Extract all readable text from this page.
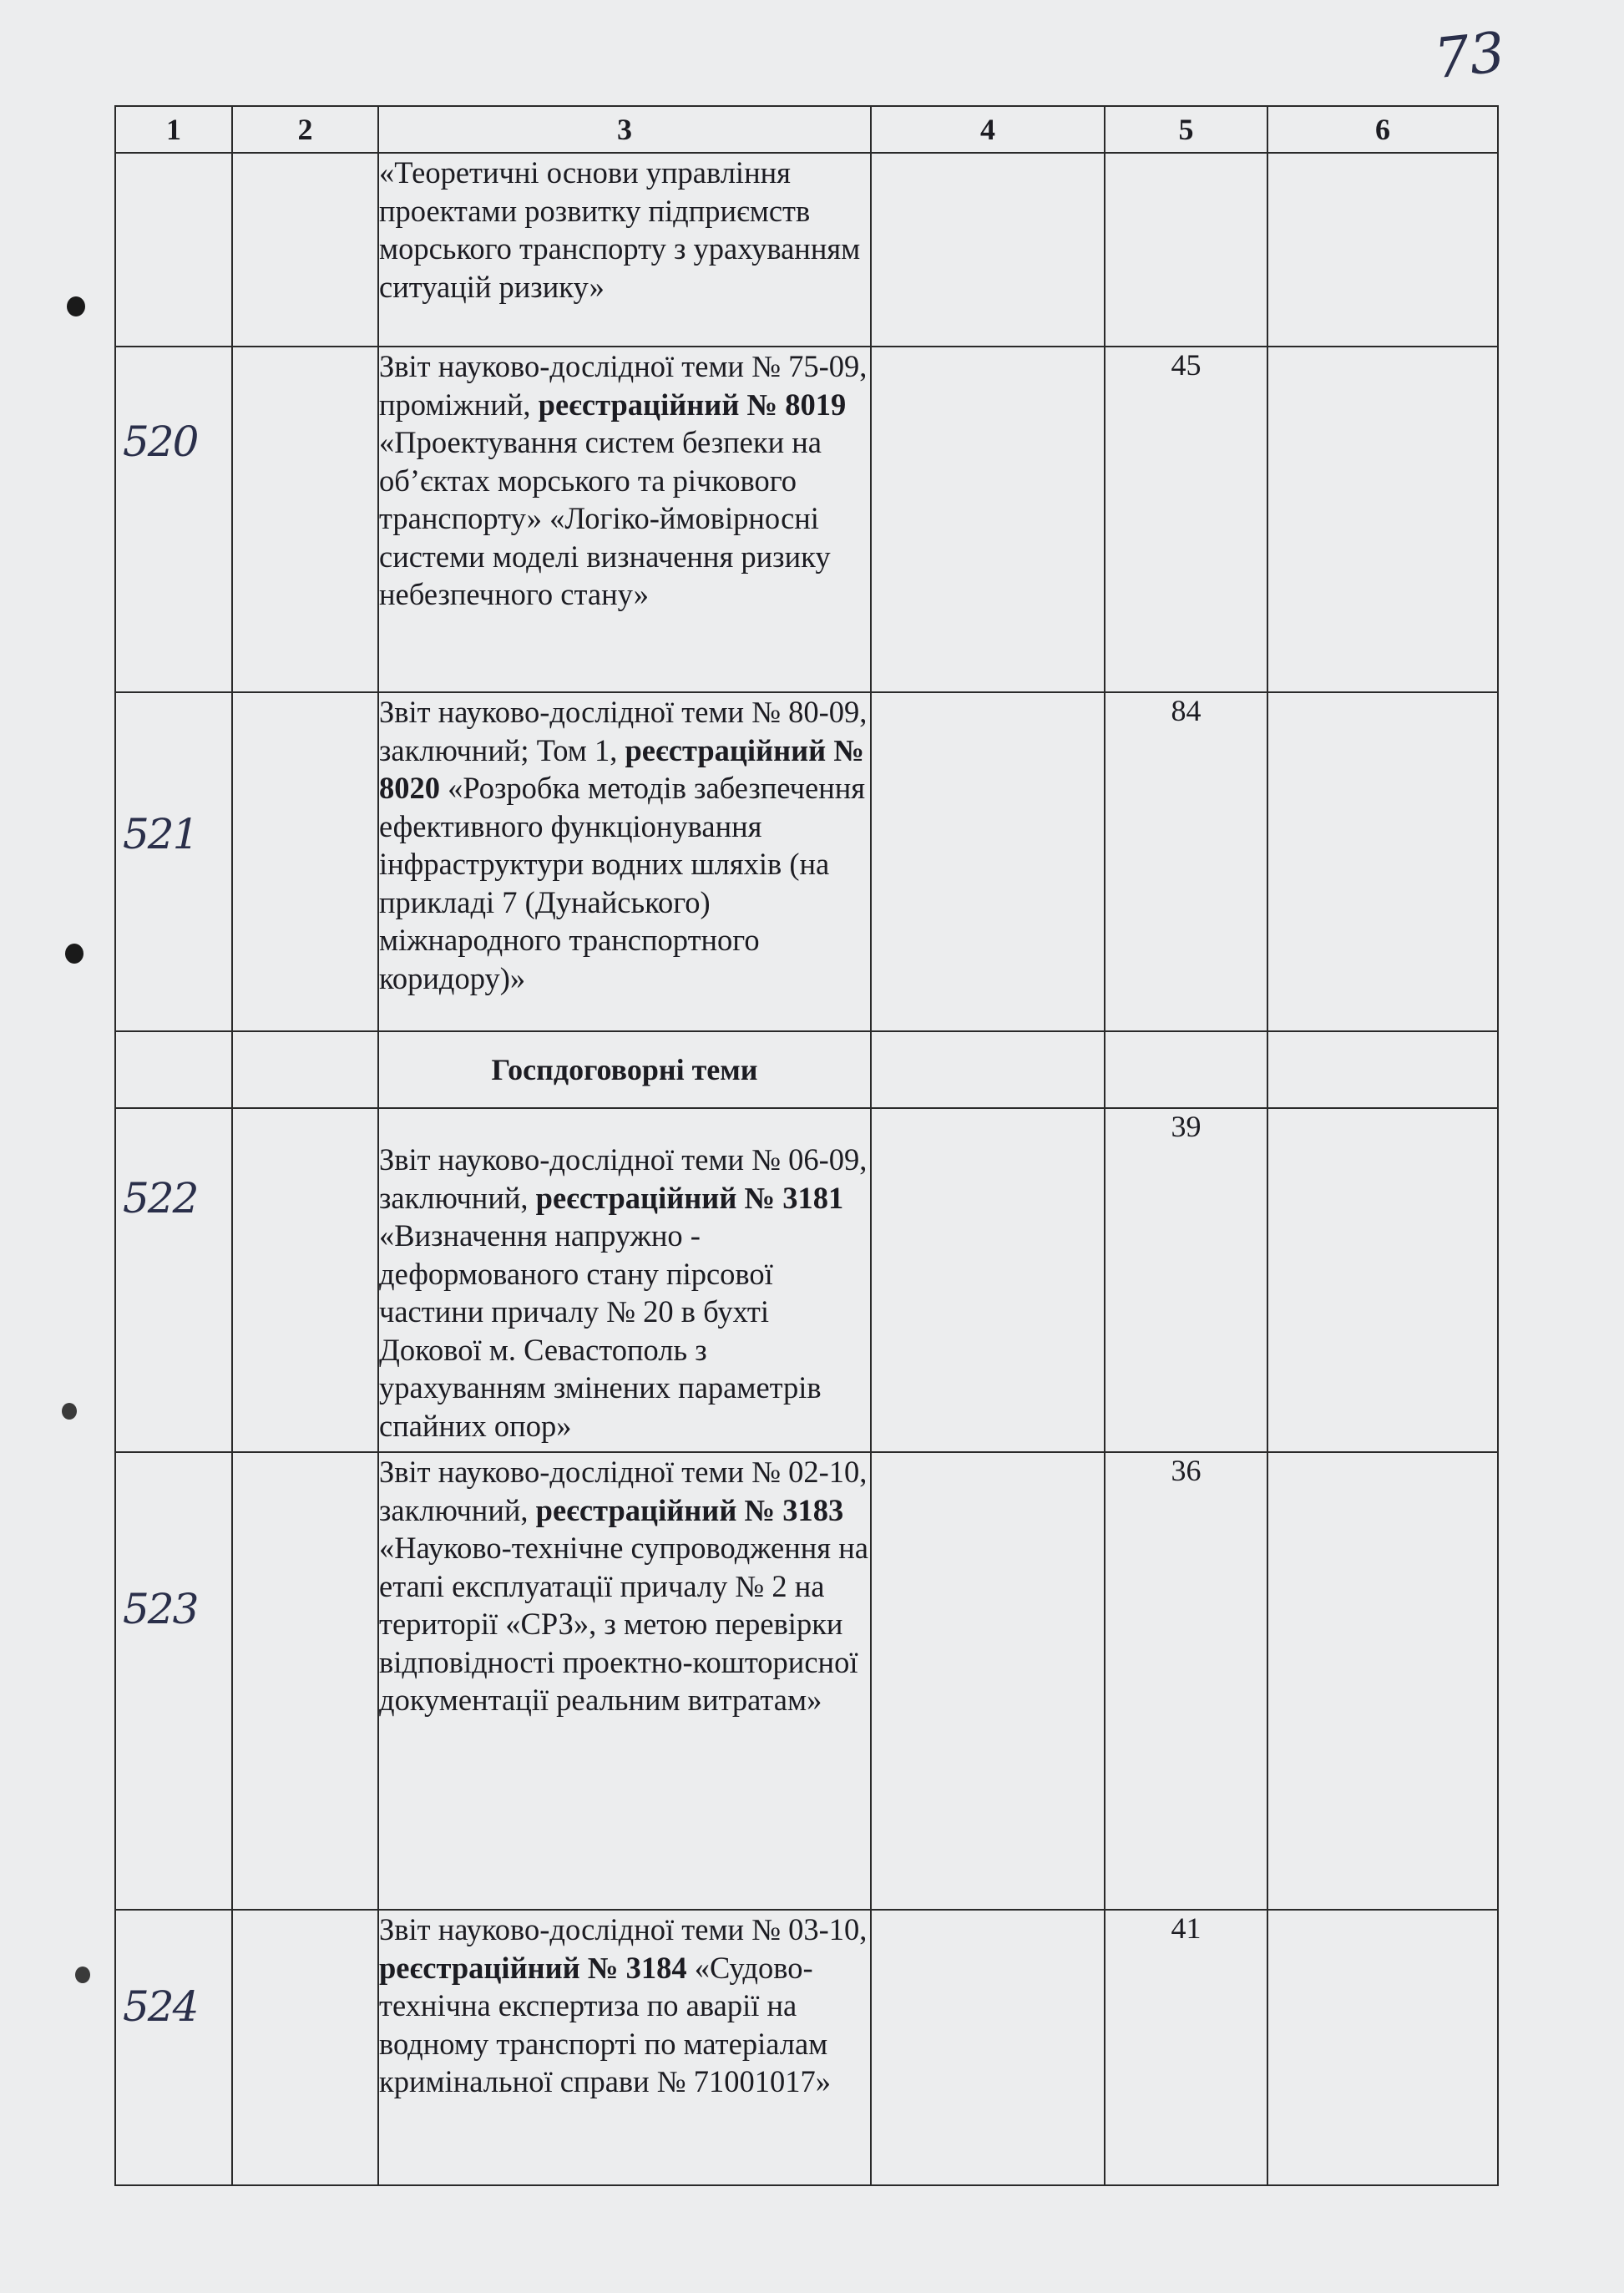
73
1	2	3	4	5	6
		«Теоретичні основи управління проектами розвитку підприємств морського транспорту з урахуванням ситуацій ризику»			

520		Звіт науково-дослідної теми № 75-09, проміжний, реєстраційний № 8019 «Проектування систем безпеки на об’єктах морського та річкового транспорту» «Логіко-ймовірносні системи моделі визначення ризику небезпечного стану»		45	

521		Звіт науково-дослідної теми № 80-09, заключний; Том 1, реєстраційний № 8020 «Розробка методів забезпечення ефективного функціонування інфраструктури водних шляхів (на прикладі 7 (Дунайського) міжнародного транспортного коридору)»		84	
		Госпдоговорні теми			

522		Звіт науково-дослідної теми № 06-09, заключний, реєстраційний № 3181 «Визначення напружно - деформованого стану пірсової частини причалу № 20 в бухті Докової м. Севастополь з урахуванням змінених параметрів спайних опор»		39	

523		Звіт науково-дослідної теми № 02-10, заключний, реєстраційний № 3183 «Науково-технічне супроводження на етапі експлуатації причалу № 2 на території «СРЗ», з метою перевірки відповідності проектно-кошторисної документації реальним витратам»		36	

524		Звіт науково-дослідної теми № 03-10, реєстраційний № 3184 «Судово-технічна експертиза по аварії на водному транспорті по матеріалам кримінальної справи № 71001017»		41	
